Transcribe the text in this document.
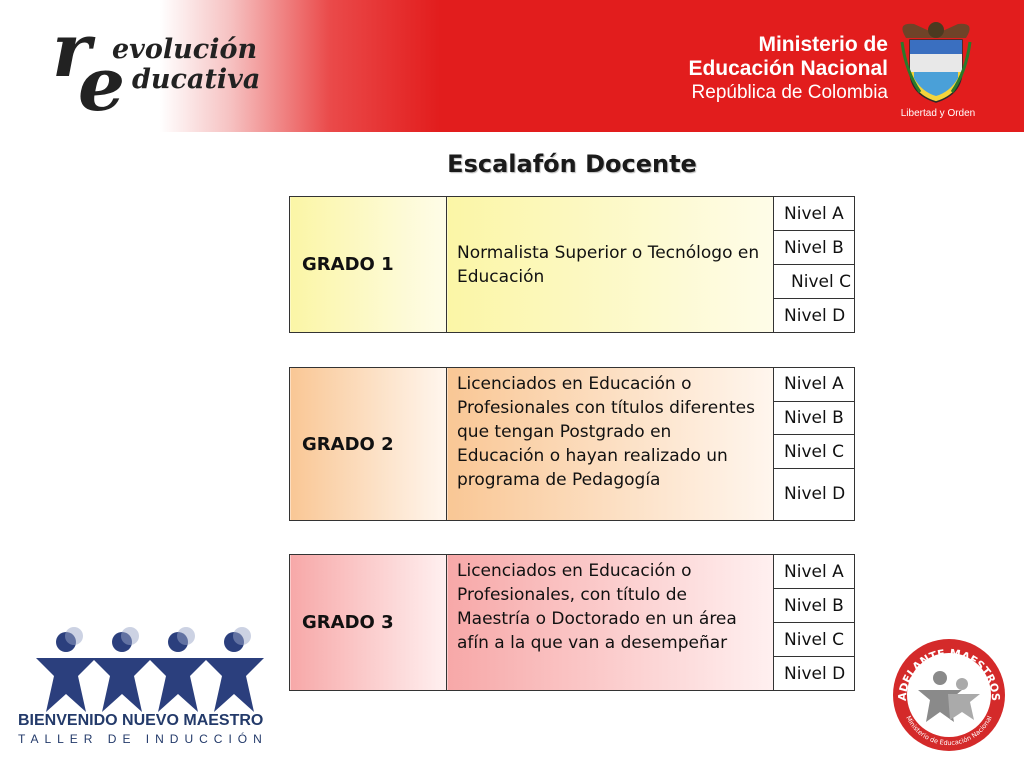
r
e
evolución
ducativa
Ministerio de
Educación Nacional
República de Colombia
Libertad y Orden
Escalafón Docente
GRADO 1	Normalista Superior o Tecnólogo en Educación	Nivel A
Nivel B
Nivel C
Nivel D
GRADO 2	Licenciados en Educación o Profesionales con títulos diferentes que tengan Postgrado en Educación o hayan realizado un programa de Pedagogía	Nivel A
Nivel B
Nivel C
Nivel D
GRADO 3	Licenciados en Educación o Profesionales, con título de Maestría o Doctorado en un área afín a la que van a desempeñar	Nivel A
Nivel B
Nivel C
Nivel D
BIENVENIDO NUEVO MAESTRO
TALLER DE INDUCCIÓN
ADELANTE MAESTROS
Ministerio de Educación Nacional
